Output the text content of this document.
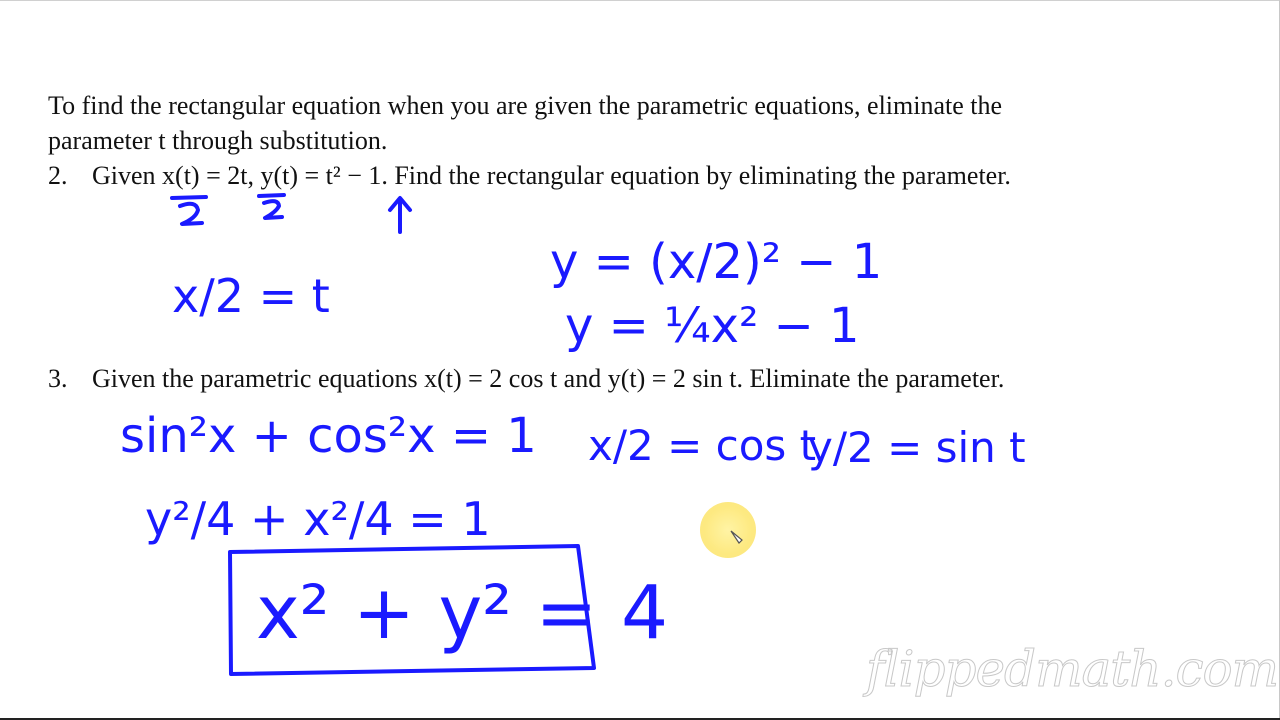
To find the rectangular equation when you are given the parametric equations, eliminate the
parameter t through substitution.
2. Given x(t) = 2t, y(t) = t² − 1. Find the rectangular equation by eliminating the parameter.
3. Given the parametric equations x(t) = 2 cos t and y(t) = 2 sin t. Eliminate the parameter.
x/2 = t
y = (x/2)² − 1
y = ¼x² − 1
sin²x + cos²x = 1 x/2 = cos t
y/2 = sin t
y²/4 + x²/4 = 1
x² + y² = 4
flippedmath.com
